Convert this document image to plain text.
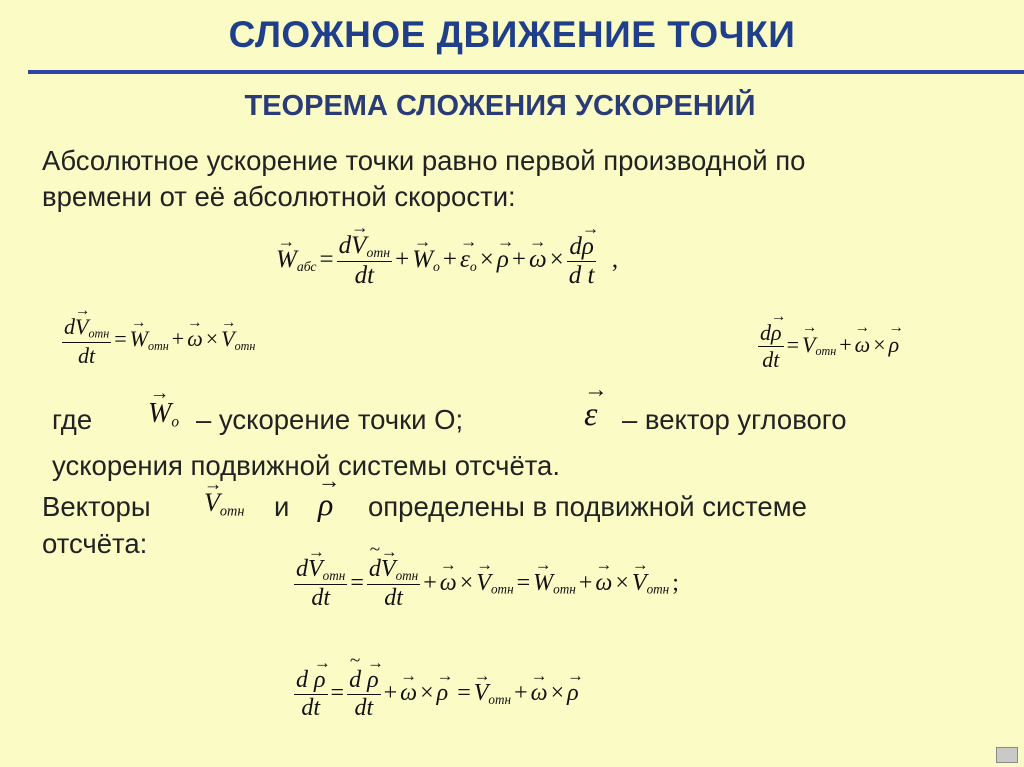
СЛОЖНОЕ ДВИЖЕНИЕ ТОЧКИ
ТЕОРЕМА СЛОЖЕНИЯ УСКОРЕНИЙ
Абсолютное ускорение точки равно первой производной по
времени от её абсолютной скорости:
→ $W_{абс} = \frac{d\to V_{отн}}{dt} +\to W_o +\to \varepsilon_o \times\to \rho +\to \omega \times \frac{d\to \rho}{\text{d t}}$ ,
$\frac{d\to V_{отн}}{dt} =\to W_{отн} +\to \omega \times\to V_{отн}$	$\frac{d\to \rho}{dt} =\to V_{отн} +\to \omega \times\to \rho$
где
→ $W_o$ – ускорение точки О;
→	ε – вектор углового
ускорения подвижной системы отсчёта.
Векторы
→ $V_{отн}$ и
→ ρ определены в подвижной системе
отсчёта:
$\frac{d\to V_{отн}}{dt} = \frac{d \sim\to V_{отн}}{dt} +\to \omega \times\to V_{отн} =\to W_{отн} +\to \omega \times\to V_{отн}$ ;
$\frac{d \to \rho}{dt} = \frac{d \sim \to \rho}{dt} +\to \omega \times\to \rho =\to V_{отн} +\to \omega \times\to \rho$
